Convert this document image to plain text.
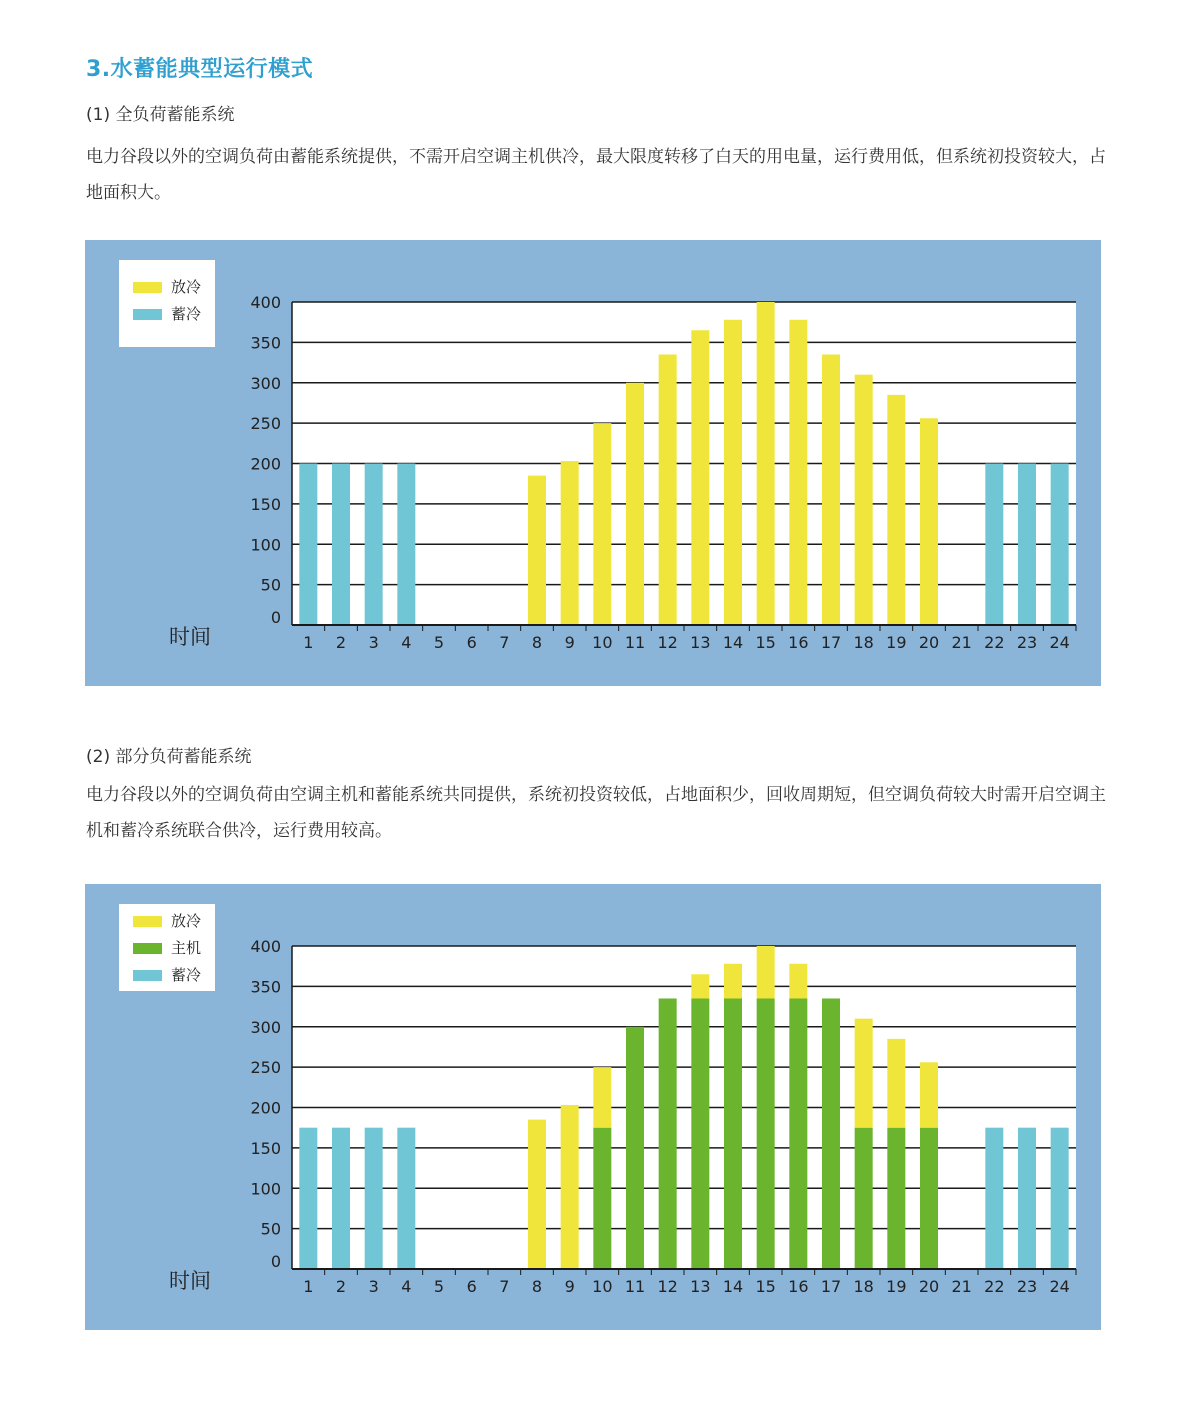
3.水蓄能典型运行模式
(1) 全负荷蓄能系统
电力谷段以外的空调负荷由蓄能系统提供，不需开启空调主机供冷，最大限度转移了白天的用电量，运行费用低，但系统初投资较大，占地面积大。
放冷
蓄冷
0
50
100
150
200
250
300
350
400
1 2 3 4 5 6 7 8 9 10 11 12 13 14 15 16 17 18 19 20 21 22 23 24
时间
(2) 部分负荷蓄能系统
电力谷段以外的空调负荷由空调主机和蓄能系统共同提供，系统初投资较低，占地面积少，回收周期短，但空调负荷较大时需开启空调主机和蓄冷系统联合供冷，运行费用较高。
放冷
主机
蓄冷
0
50
100
150
200
250
300
350
400
1 2 3 4 5 6 7 8 9 10 11 12 13 14 15 16 17 18 19 20 21 22 23 24
时间
